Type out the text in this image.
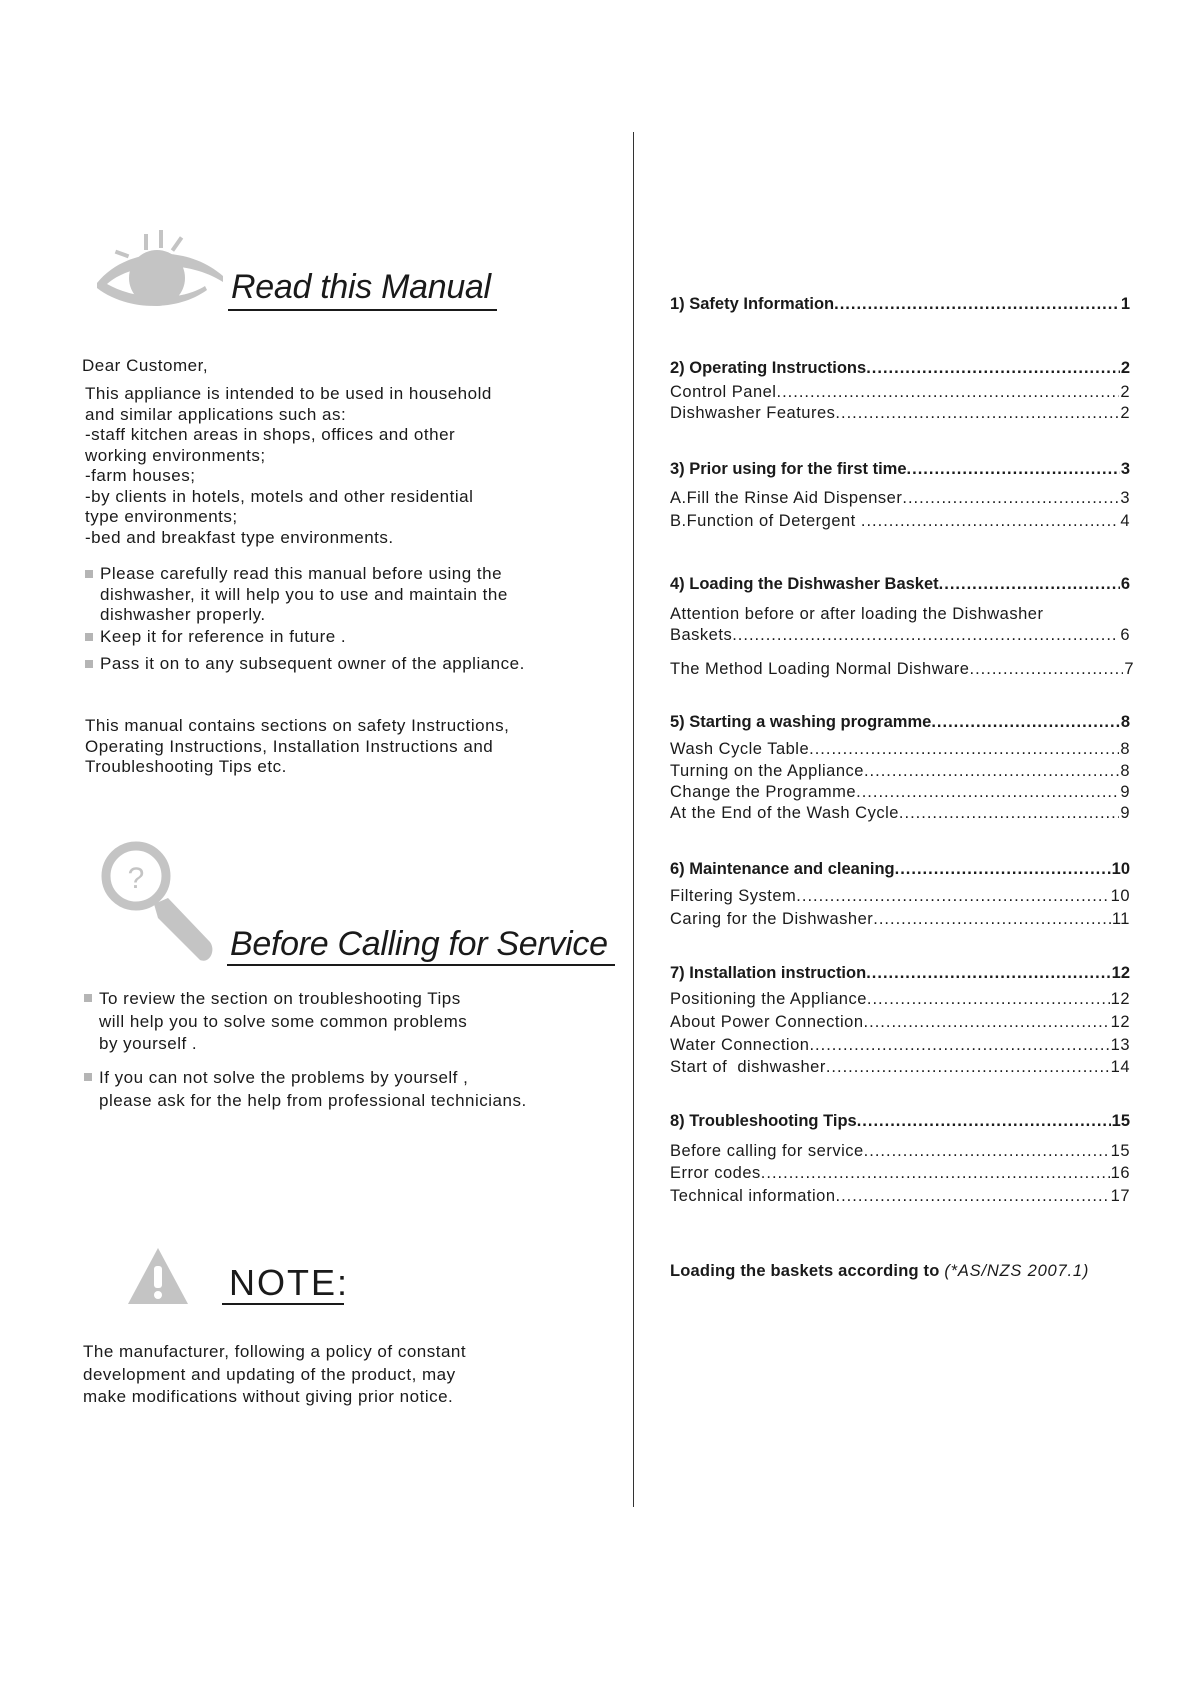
Read this Manual
Dear Customer,
This appliance is intended to be used in household
and similar applications such as:
-staff kitchen areas in shops, offices and other
working environments;
-farm houses;
-by clients in hotels, motels and other residential
type environments;
-bed and breakfast type environments.
Please carefully read this manual before using the
dishwasher, it will help you to use and maintain the
dishwasher properly.
Keep it for reference in future .
Pass it on to any subsequent owner of the appliance.
This manual contains sections on safety Instructions,
Operating Instructions, Installation Instructions and
Troubleshooting Tips etc.
?
Before Calling for Service
To review the section on troubleshooting Tips
will help you to solve some common problems
by yourself .
If you can not solve the problems by yourself ,
please ask for the help from professional technicians.
NOTE:
The manufacturer, following a policy of constant
development and updating of the product, may
make modifications without giving prior notice.
1) Safety Information .....	1
2) Operating Instructions .....	2
Control Panel .....	2
Dishwasher Features .....	2
3) Prior using for the first time .....	3
A.Fill the Rinse Aid Dispenser .....	3
B.Function of Detergent .....	4
4) Loading the Dishwasher Basket .....	6
Attention before or after loading the Dishwasher
Baskets .....	6
The Method Loading Normal Dishware .....	7
5) Starting a washing programme .....	8
Wash Cycle Table .....	8
Turning on the Appliance .....	8
Change the Programme .....	9
At the End of the Wash Cycle .....	9
6) Maintenance and cleaning .....	10
Filtering System .....	10
Caring for the Dishwasher .....	11
7) Installation instruction .....	12
Positioning the Appliance .....	12
About Power Connection .....	12
Water Connection .....	13
Start of  dishwasher .....	14
8) Troubleshooting Tips .....	15
Before calling for service .....	15
Error codes .....	16
Technical information .....	17
Loading the baskets according to (*AS/NZS 2007.1)
